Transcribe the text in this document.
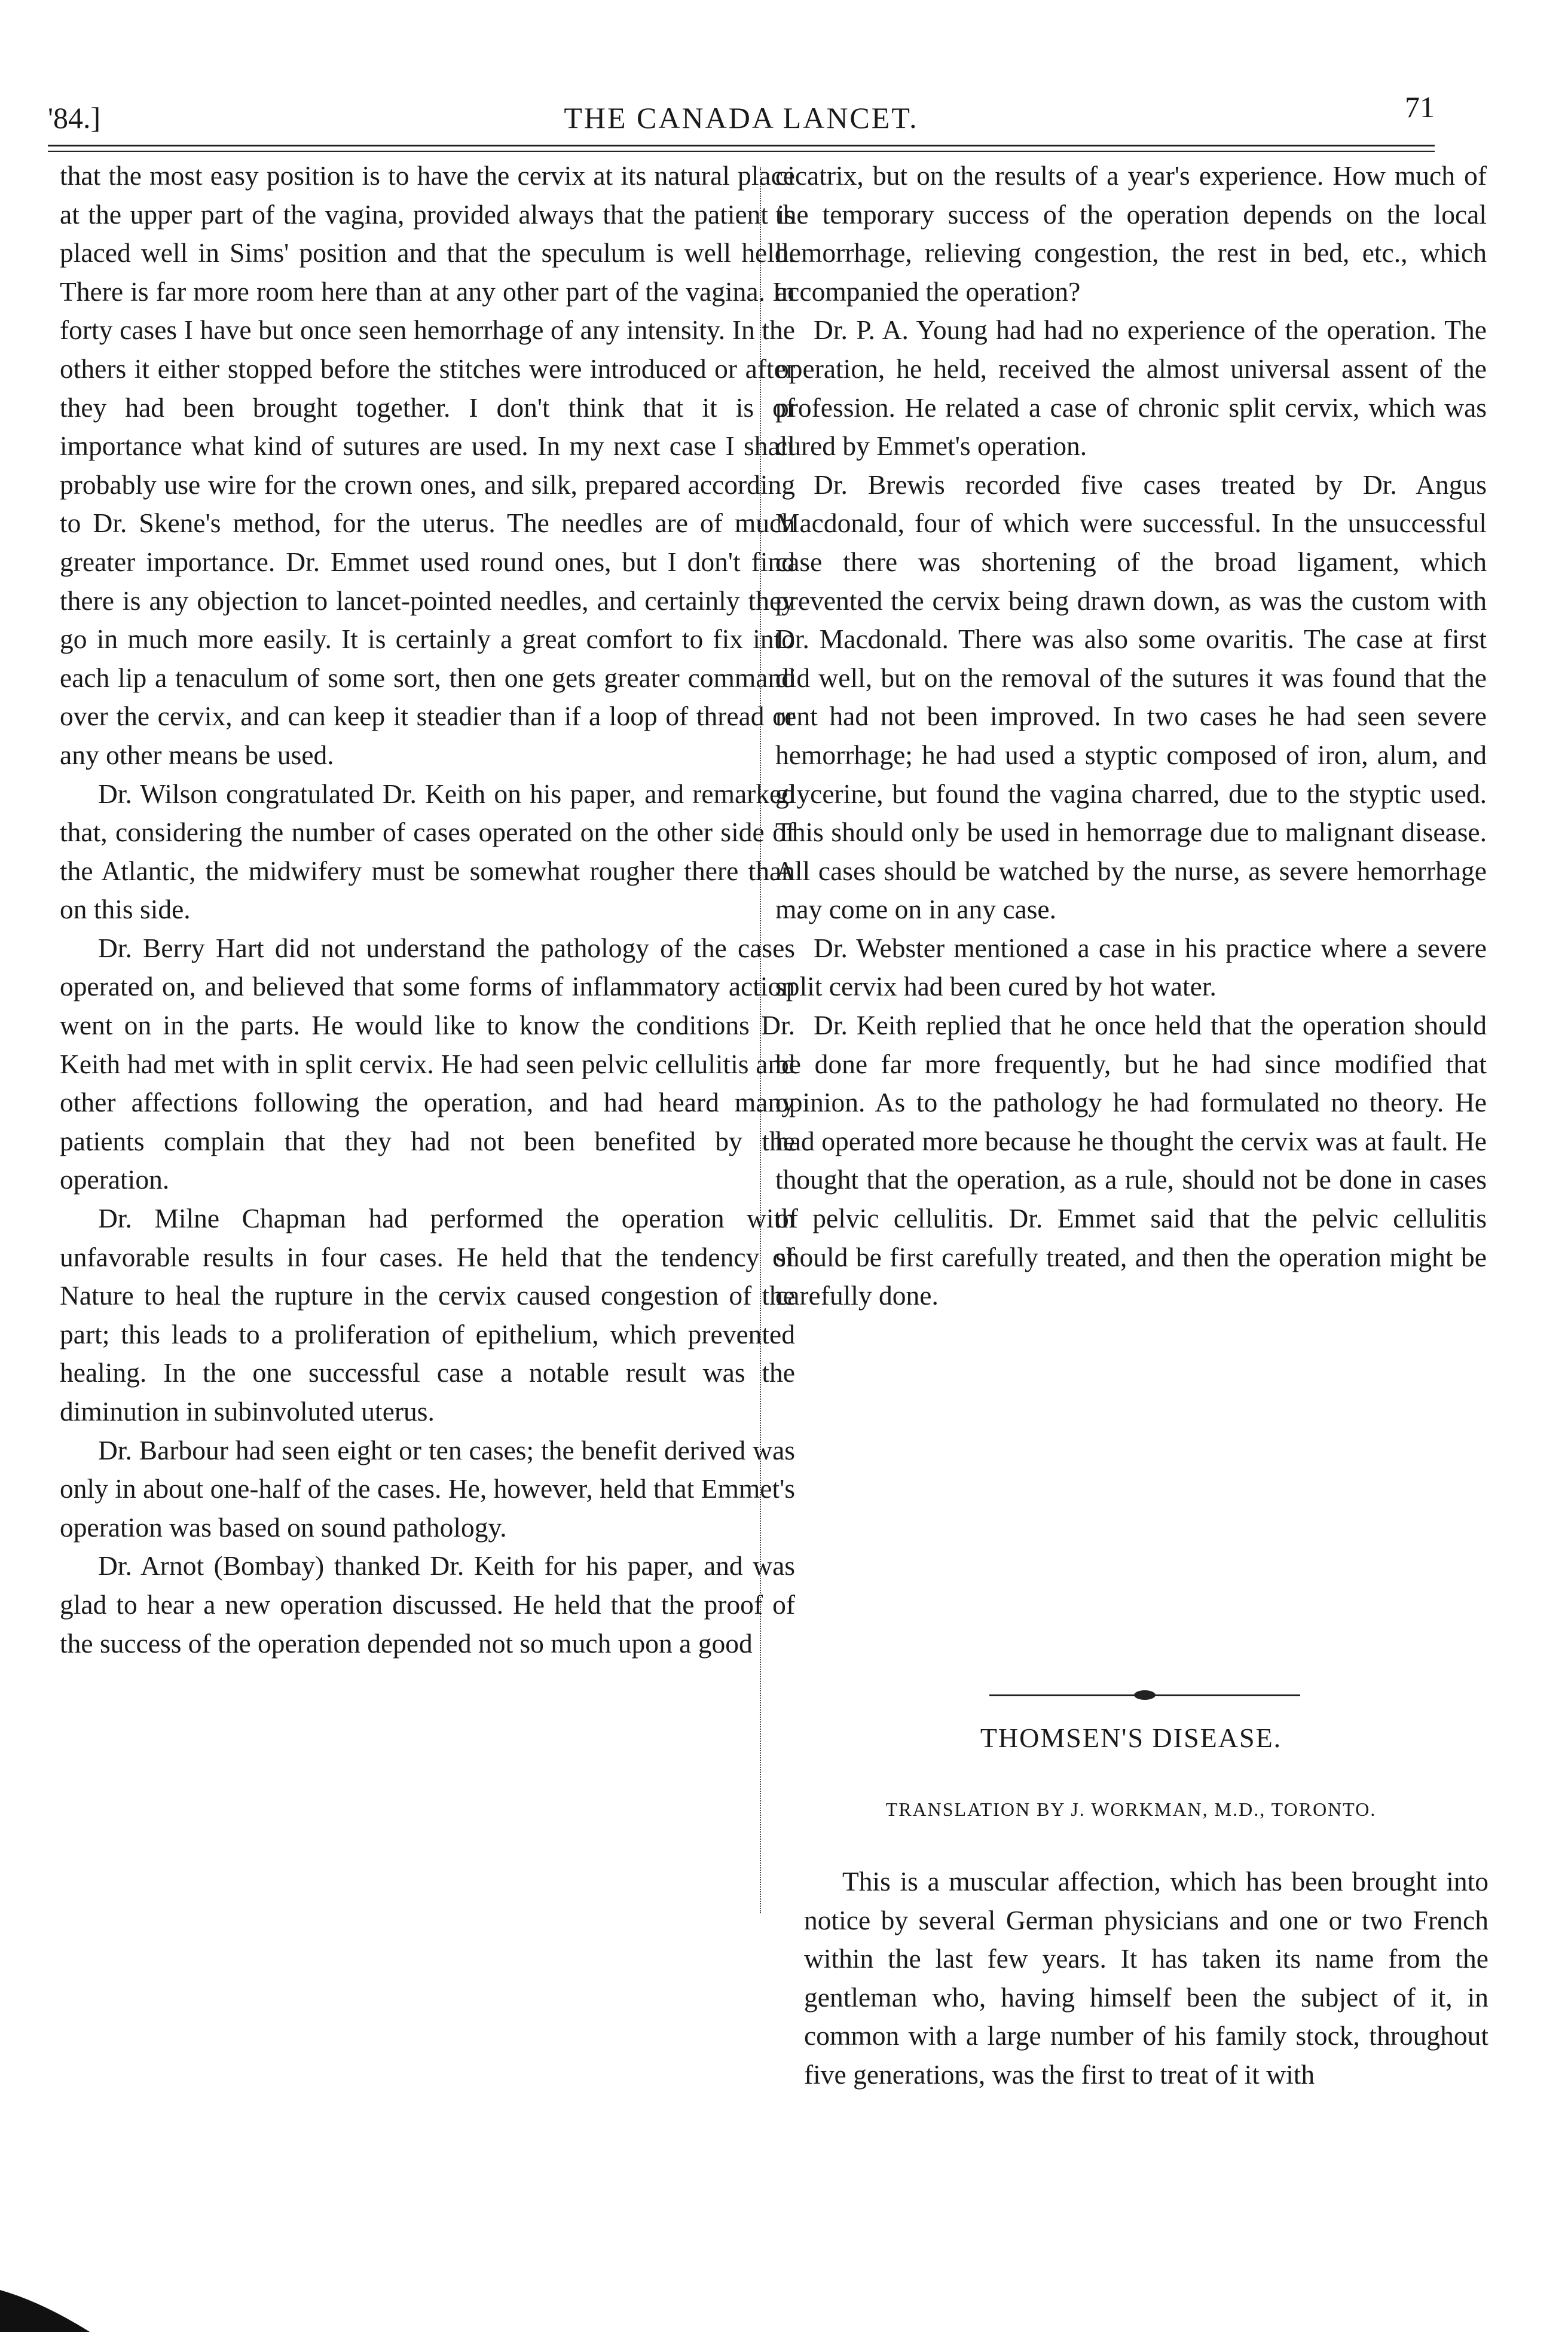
'84.]	THE CANADA LANCET.	71

that the most easy position is to have the cervix at its natural place at the upper part of the vagina, provided always that the patient is placed well in Sims' position and that the speculum is well held. There is far more room here than at any other part of the vagina. In forty cases I have but once seen hemorrhage of any intensity. In the others it either stopped before the stitches were introduced or after they had been brought together. I don't think that it is of importance what kind of sutures are used. In my next case I shall probably use wire for the crown ones, and silk, prepared according to Dr. Skene's method, for the uterus. The needles are of much greater importance. Dr. Emmet used round ones, but I don't find there is any objection to lancet-pointed needles, and certainly they go in much more easily. It is certainly a great comfort to fix into each lip a tenaculum of some sort, then one gets greater command over the cervix, and can keep it steadier than if a loop of thread or any other means be used.

Dr. Wilson congratulated Dr. Keith on his paper, and remarked that, considering the number of cases operated on the other side of the Atlantic, the midwifery must be somewhat rougher there than on this side.

Dr. Berry Hart did not understand the pathology of the cases operated on, and believed that some forms of inflammatory action went on in the parts. He would like to know the conditions Dr. Keith had met with in split cervix. He had seen pelvic cellulitis and other affections following the operation, and had heard many patients complain that they had not been benefited by the operation.

Dr. Milne Chapman had performed the operation with unfavorable results in four cases. He held that the tendency of Nature to heal the rupture in the cervix caused congestion of the part; this leads to a proliferation of epithelium, which prevented healing. In the one successful case a notable result was the diminution in subinvoluted uterus.

Dr. Barbour had seen eight or ten cases; the benefit derived was only in about one-half of the cases. He, however, held that Emmet's operation was based on sound pathology.

Dr. Arnot (Bombay) thanked Dr. Keith for his paper, and was glad to hear a new operation discussed. He held that the proof of the success of the operation depended not so much upon a good

cicatrix, but on the results of a year's experience. How much of the temporary success of the operation depends on the local hemorrhage, relieving congestion, the rest in bed, etc., which accompanied the operation?

Dr. P. A. Young had had no experience of the operation. The operation, he held, received the almost universal assent of the profession. He related a case of chronic split cervix, which was cured by Emmet's operation.

Dr. Brewis recorded five cases treated by Dr. Angus Macdonald, four of which were successful. In the unsuccessful case there was shortening of the broad ligament, which prevented the cervix being drawn down, as was the custom with Dr. Macdonald. There was also some ovaritis. The case at first did well, but on the removal of the sutures it was found that the rent had not been improved. In two cases he had seen severe hemorrhage; he had used a styptic composed of iron, alum, and glycerine, but found the vagina charred, due to the styptic used. This should only be used in hemorrage due to malignant disease. All cases should be watched by the nurse, as severe hemorrhage may come on in any case.

Dr. Webster mentioned a case in his practice where a severe split cervix had been cured by hot water.

Dr. Keith replied that he once held that the operation should be done far more frequently, but he had since modified that opinion. As to the pathology he had formulated no theory. He had operated more because he thought the cervix was at fault. He thought that the operation, as a rule, should not be done in cases of pelvic cellulitis. Dr. Emmet said that the pelvic cellulitis should be first carefully treated, and then the operation might be carefully done.

THOMSEN'S DISEASE.
TRANSLATION BY J. WORKMAN, M.D., TORONTO.

This is a muscular affection, which has been brought into notice by several German physicians and one or two French within the last few years. It has taken its name from the gentleman who, having himself been the subject of it, in common with a large number of his family stock, throughout five generations, was the first to treat of it with
